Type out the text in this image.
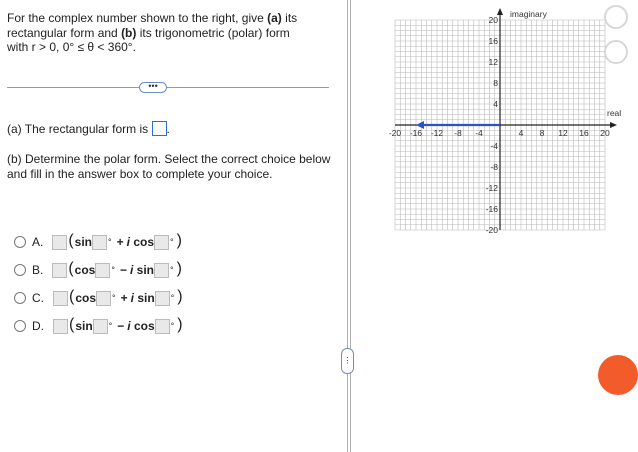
For the complex number shown to the right, give (a) its
rectangular form and (b) its trigonometric (polar) form
with r > 0, 0° ≤ θ < 360°.
•••
(a) The rectangular form is .
(b) Determine the polar form. Select the correct choice below and fill in the answer box to complete your choice.
A. ( sin ° + i
cos ° )
B. ( cos ° − i
sin ° )
C. ( cos ° + i
sin ° )
D. ( sin ° − i
cos ° )
⋮
-20 -16 -12 -8 -4	4 8 12 16 20
20
16
12
8
4
-4
-8
-12
-16
-20
imaginary
real
